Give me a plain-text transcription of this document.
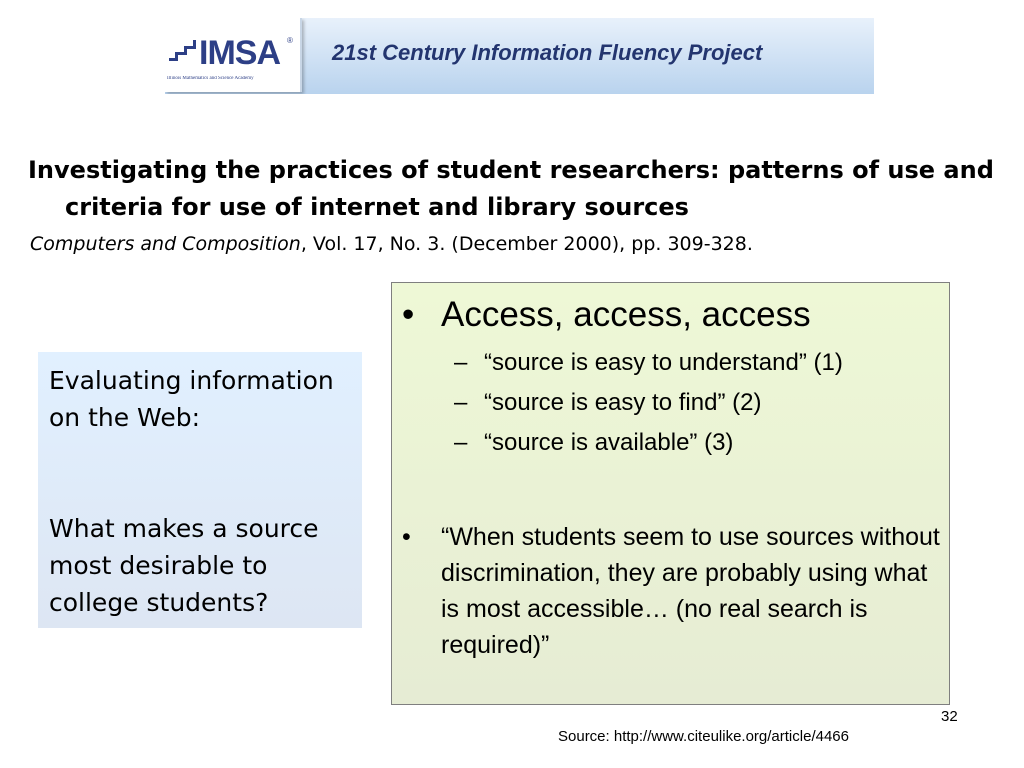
IMSA ®
Illinois Mathematics and Science Academy
21st Century Information Fluency Project
Investigating the practices of student researchers: patterns of use and criteria for use of internet and library sources
Computers and Composition, Vol. 17, No. 3. (December 2000), pp. 309-328.

Evaluating information on the Web:

What makes a source most desirable to college students?

• Access, access, access
– “source is easy to understand” (1)
– “source is easy to find” (2)
– “source is available” (3)
• “When students seem to use sources without discrimination, they are probably using what is most accessible… (no real search is required)”
32
Source: http://www.citeulike.org/article/4466
